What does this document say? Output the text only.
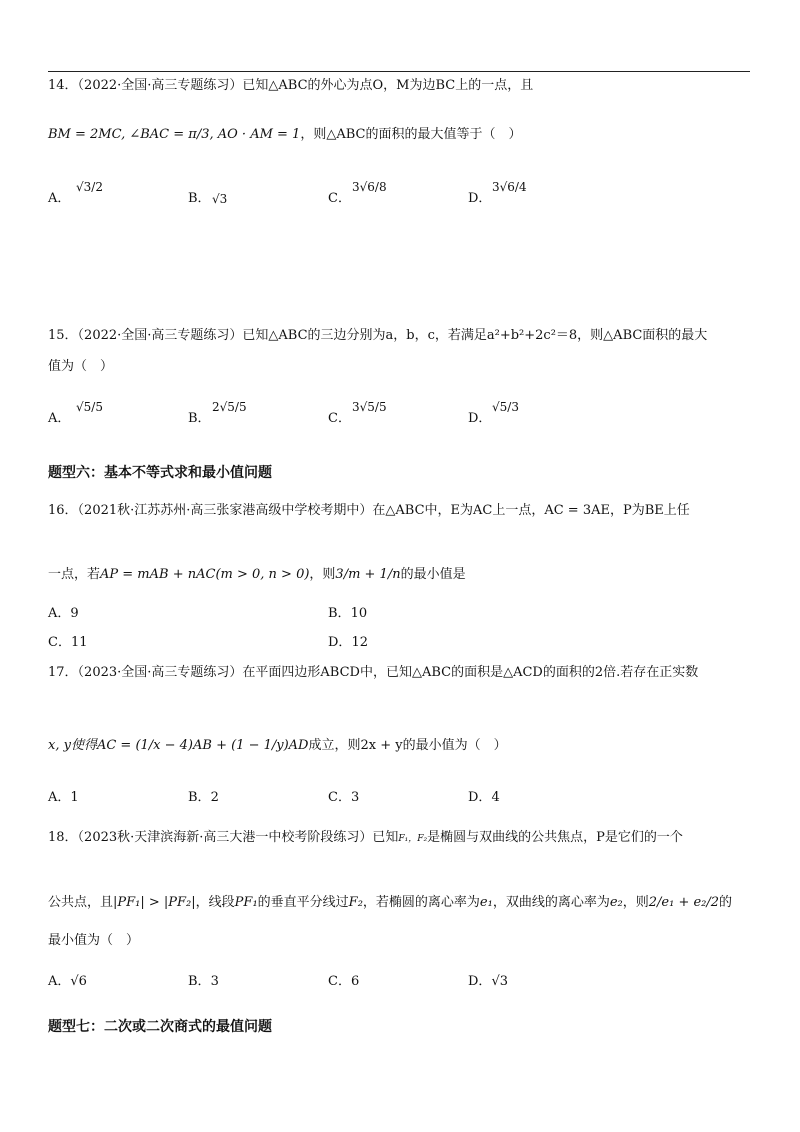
14．（2022·全国·高三专题练习）已知△ABC的外心为点O，M为边BC上的一点，且
BM = 2MC, ∠BAC = π/3, AO · AM = 1，则△ABC的面积的最大值等于（　）
A．
√3/2
B． √3	C．
3√6/8
D．
3√6/4
15．（2022·全国·高三专题练习）已知△ABC的三边分别为a，b，c，若满足a²+b²+2c²＝8，则△ABC面积的最大
值为（　）
A．
√5/5
B．
2√5/5
C．
3√5/5
D．
√5/3
题型六：基本不等式求和最小值问题
16．（2021秋·江苏苏州·高三张家港高级中学校考期中）在△ABC中，E为AC上一点，AC = 3AE，P为BE上任
一点，若AP = mAB + nAC(m > 0, n > 0)，则3/m + 1/n的最小值是
A．9	B．10
C．11	D．12
17．（2023·全国·高三专题练习）在平面四边形ABCD中，已知△ABC的面积是△ACD的面积的2倍.若存在正实数
x, y使得AC = (1/x − 4)AB + (1 − 1/y)AD成立，则2x + y的最小值为（　）
A．1	B．2	C．3	D．4
18．（2023秋·天津滨海新·高三大港一中校考阶段练习）已知F₁，F₂是椭圆与双曲线的公共焦点，P是它们的一个
公共点，且|PF₁| > |PF₂|，线段PF₁的垂直平分线过F₂，若椭圆的离心率为e₁，双曲线的离心率为e₂，则2/e₁ + e₂/2的
最小值为（　）
A．√6	B．3	C．6	D．√3
题型七：二次或二次商式的最值问题
